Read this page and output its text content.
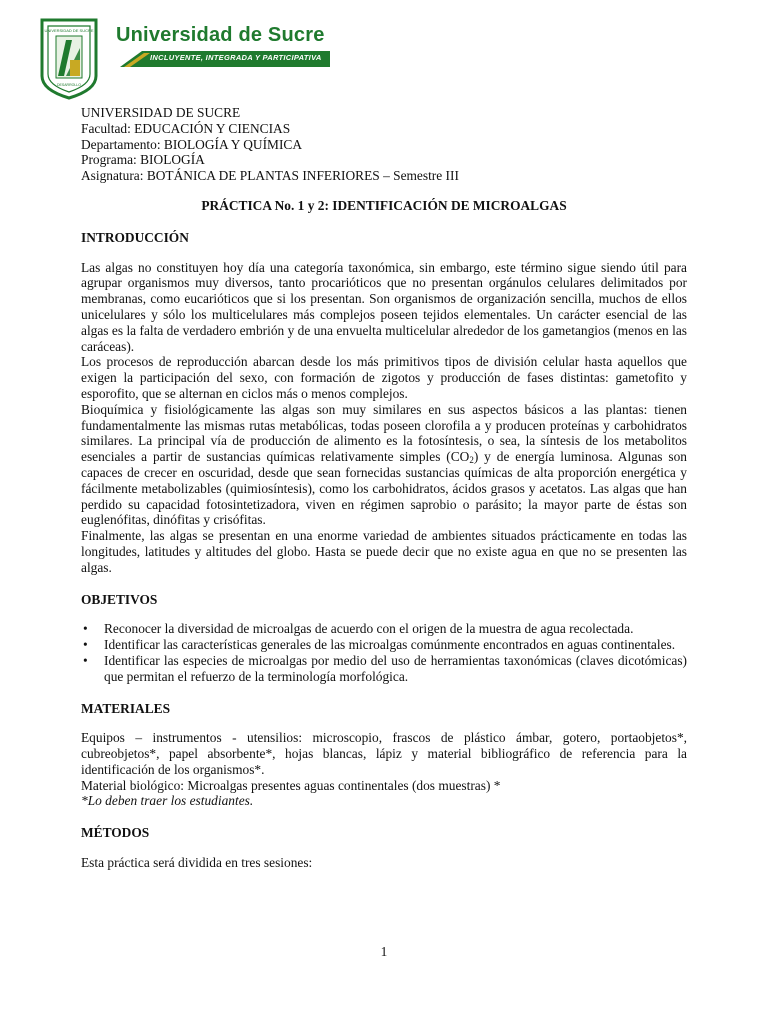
UNIVERSIDAD DE SUCRE
DESARROLLO
Universidad de Sucre
INCLUYENTE, INTEGRADA Y PARTICIPATIVA
UNIVERSIDAD DE SUCRE
Facultad: EDUCACIÓN Y CIENCIAS
Departamento: BIOLOGÍA Y QUÍMICA
Programa: BIOLOGÍA
Asignatura: BOTÁNICA DE PLANTAS INFERIORES – Semestre III
PRÁCTICA No. 1 y 2: IDENTIFICACIÓN DE MICROALGAS
INTRODUCCIÓN

Las algas no constituyen hoy día una categoría taxonómica, sin embargo, este término sigue siendo útil para agrupar organismos muy diversos, tanto procarióticos que no presentan orgánulos celulares delimitados por membranas, como eucarióticos que si los presentan. Son organismos de organización sencilla, muchos de ellos unicelulares y sólo los multicelulares más complejos poseen tejidos elementales. Un carácter esencial de las algas es la falta de verdadero embrión y de una envuelta multicelular alrededor de los gametangios (menos en las caráceas).

Los procesos de reproducción abarcan desde los más primitivos tipos de división celular hasta aquellos que exigen la participación del sexo, con formación de zigotos y producción de fases distintas: gametofito y esporofito, que se alternan en ciclos más o menos complejos.

Bioquímica y fisiológicamente las algas son muy similares en sus aspectos básicos a las plantas: tienen fundamentalmente las mismas rutas metabólicas, todas poseen clorofila a y producen proteínas y carbohidratos similares. La principal vía de producción de alimento es la fotosíntesis, o sea, la síntesis de los metabolitos esenciales a partir de sustancias químicas relativamente simples $(CO_2)$ y de energía luminosa. Algunas son capaces de crecer en oscuridad, desde que sean fornecidas sustancias químicas de alta proporción energética y fácilmente metabolizables (quimiosíntesis), como los carbohidratos, ácidos grasos y acetatos. Las algas que han perdido su capacidad fotosintetizadora, viven en régimen saprobio o parásito; la mayor parte de éstas son euglenófitas, dinófitas y crisófitas.

Finalmente, las algas se presentan en una enorme variedad de ambientes situados prácticamente en todas las longitudes, latitudes y altitudes del globo. Hasta se puede decir que no existe agua en que no se presenten las algas.

OBJETIVOS
• Reconocer la diversidad de microalgas de acuerdo con el origen de la muestra de agua recolectada.
• Identificar las características generales de las microalgas comúnmente encontrados en aguas continentales.
• Identificar las especies de microalgas por medio del uso de herramientas taxonómicas (claves dicotómicas) que permitan el refuerzo de la terminología morfológica.
MATERIALES

Equipos – instrumentos - utensilios: microscopio, frascos de plástico ámbar, gotero, portaobjetos*, cubreobjetos*, papel absorbente*, hojas blancas, lápiz y material bibliográfico de referencia para la identificación de los organismos*.

Material biológico: Microalgas presentes aguas continentales (dos muestras) *

*Lo deben traer los estudiantes.

MÉTODOS

Esta práctica será dividida en tres sesiones:

1
